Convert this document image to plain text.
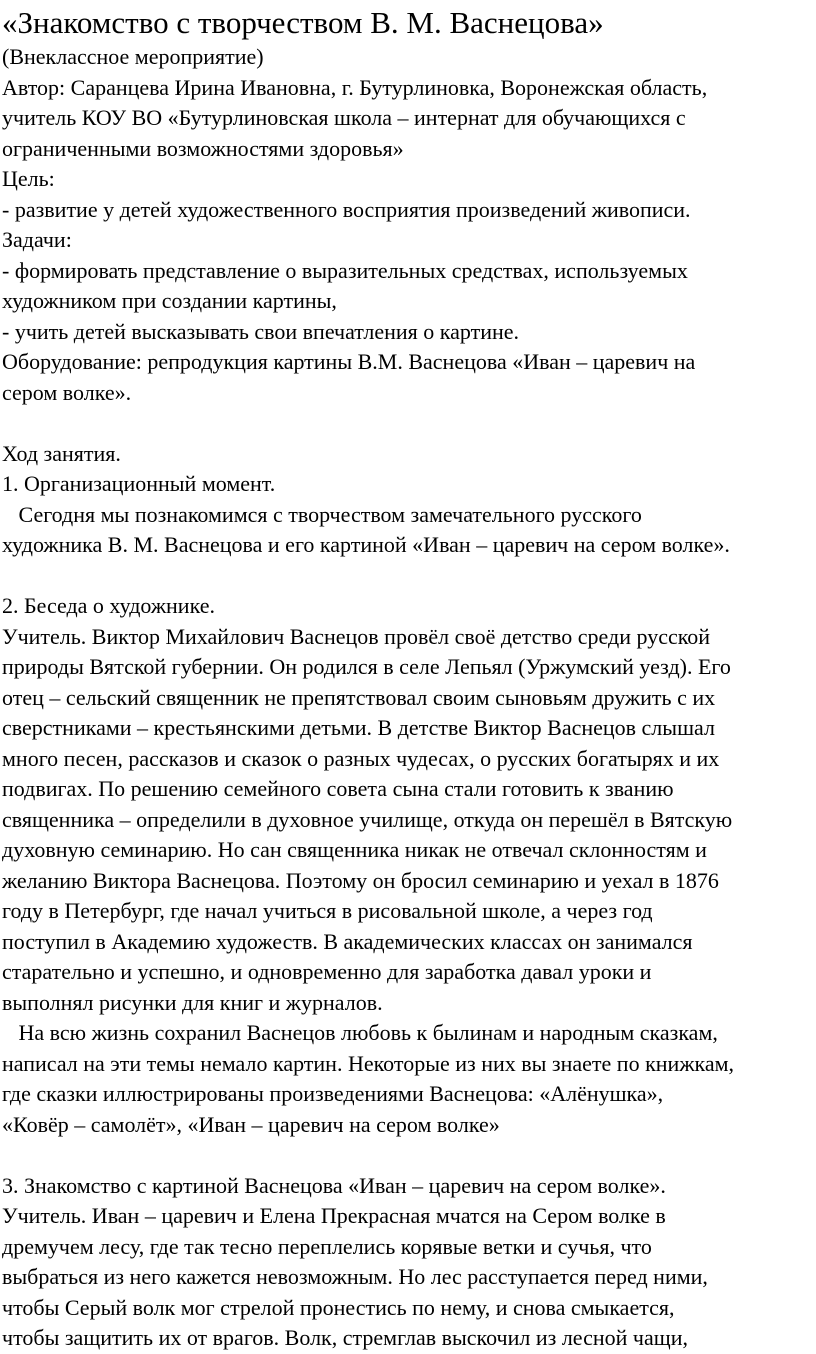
«Знакомство с творчеством В. М. Васнецова»
(Внеклассное мероприятие)
Автор: Саранцева Ирина Ивановна, г. Бутурлиновка, Воронежская область,
учитель КОУ ВО «Бутурлиновская школа – интернат для обучающихся с
ограниченными возможностями здоровья»
Цель:
- развитие у детей художественного восприятия произведений живописи.
Задачи:
- формировать представление о выразительных средствах, используемых
художником при создании картины,
- учить детей высказывать свои впечатления о картине.
Оборудование: репродукция картины В.М. Васнецова «Иван – царевич на
сером волке».
Ход занятия.
1. Организационный момент.
Сегодня мы познакомимся с творчеством замечательного русского
художника В. М. Васнецова и его картиной «Иван – царевич на сером волке».
2. Беседа о художнике.
Учитель. Виктор Михайлович Васнецов провёл своё детство среди русской
природы Вятской губернии. Он родился в селе Лепьял (Уржумский уезд). Его
отец – сельский священник не препятствовал своим сыновьям дружить с их
сверстниками – крестьянскими детьми. В детстве Виктор Васнецов слышал
много песен, рассказов и сказок о разных чудесах, о русских богатырях и их
подвигах. По решению семейного совета сына стали готовить к званию
священника – определили в духовное училище, откуда он перешёл в Вятскую
духовную семинарию. Но сан священника никак не отвечал склонностям и
желанию Виктора Васнецова. Поэтому он бросил семинарию и уехал в 1876
году в Петербург, где начал учиться в рисовальной школе, а через год
поступил в Академию художеств. В академических классах он занимался
старательно и успешно, и одновременно для заработка давал уроки и
выполнял рисунки для книг и журналов.
На всю жизнь сохранил Васнецов любовь к былинам и народным сказкам,
написал на эти темы немало картин. Некоторые из них вы знаете по книжкам,
где сказки иллюстрированы произведениями Васнецова: «Алёнушка»,
«Ковёр – самолёт», «Иван – царевич на сером волке»
3. Знакомство с картиной Васнецова «Иван – царевич на сером волке».
Учитель. Иван – царевич и Елена Прекрасная мчатся на Сером волке в
дремучем лесу, где так тесно переплелись корявые ветки и сучья, что
выбраться из него кажется невозможным. Но лес расступается перед ними,
чтобы Серый волк мог стрелой пронестись по нему, и снова смыкается,
чтобы защитить их от врагов. Волк, стремглав выскочил из лесной чащи,
